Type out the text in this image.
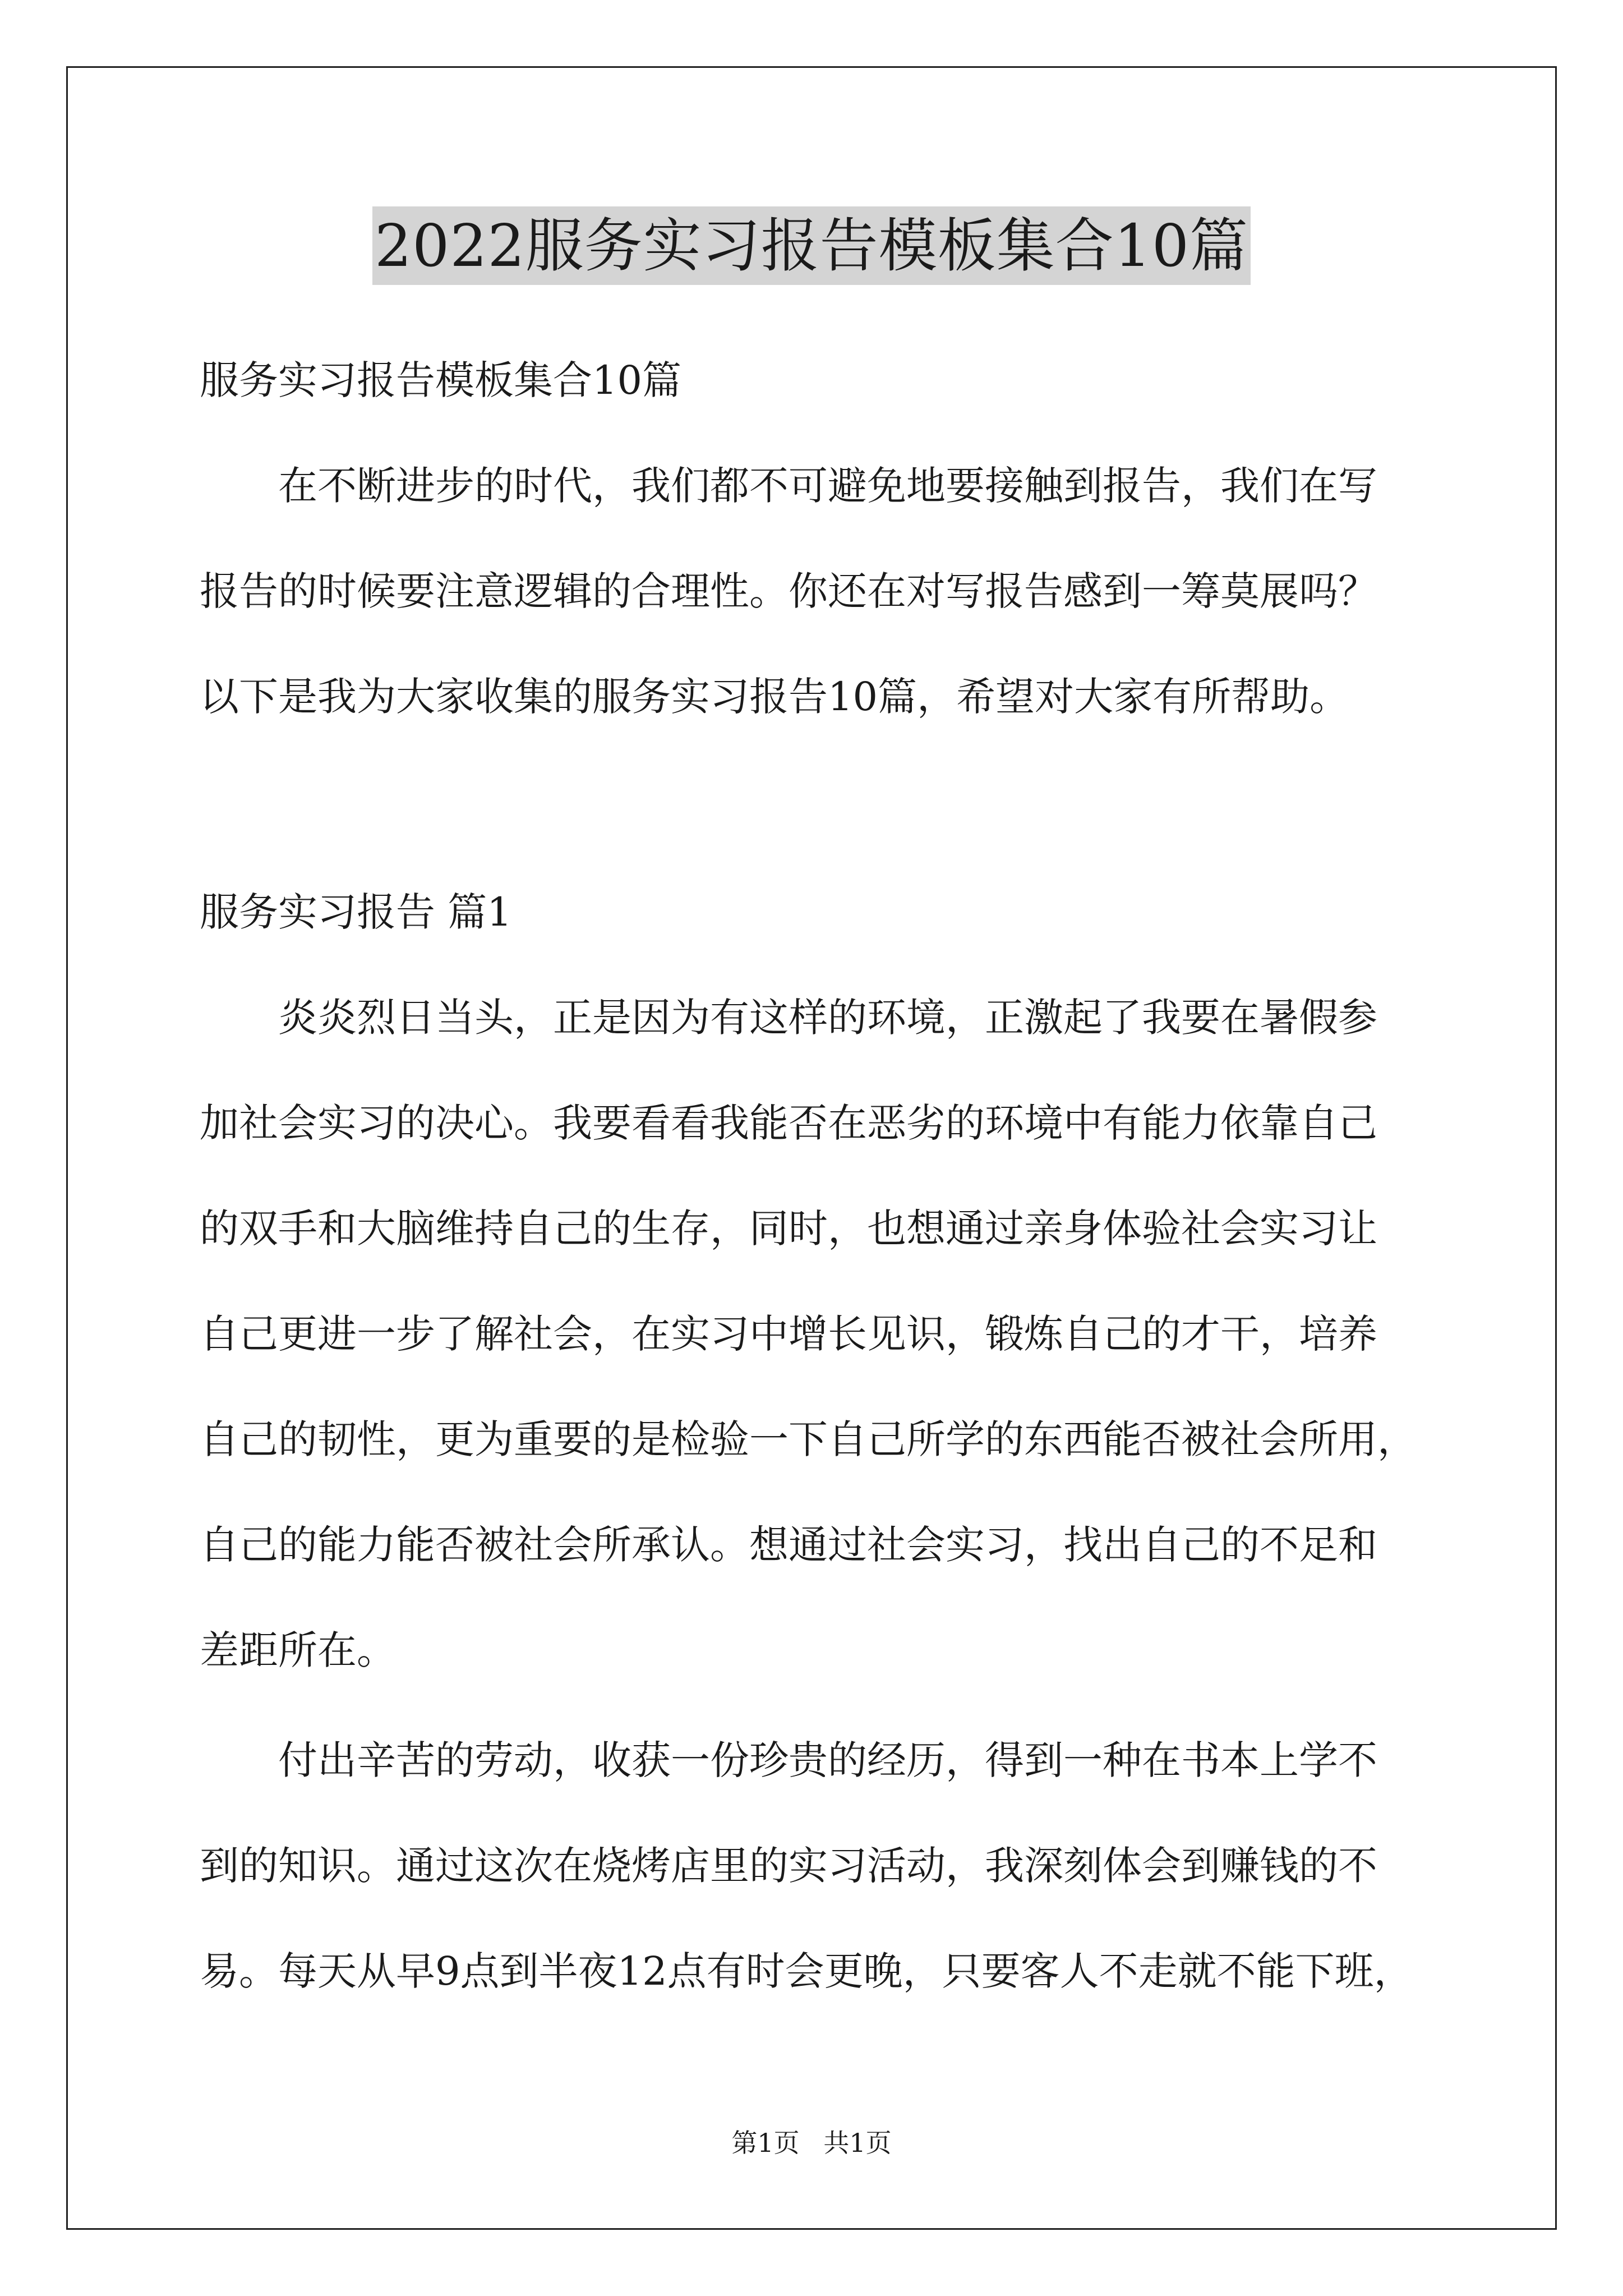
2022服务实习报告模板集合10篇
服务实习报告模板集合10篇
在不断进步的时代，我们都不可避免地要接触到报告，我们在写
报告的时候要注意逻辑的合理性。你还在对写报告感到一筹莫展吗？
以下是我为大家收集的服务实习报告10篇，希望对大家有所帮助。
服务实习报告 篇1
炎炎烈日当头，正是因为有这样的环境，正激起了我要在暑假参
加社会实习的决心。我要看看我能否在恶劣的环境中有能力依靠自己
的双手和大脑维持自己的生存，同时，也想通过亲身体验社会实习让
自己更进一步了解社会，在实习中增长见识，锻炼自己的才干，培养
自己的韧性，更为重要的是检验一下自己所学的东西能否被社会所用，
自己的能力能否被社会所承认。想通过社会实习，找出自己的不足和
差距所在。
付出辛苦的劳动，收获一份珍贵的经历，得到一种在书本上学不
到的知识。通过这次在烧烤店里的实习活动，我深刻体会到赚钱的不
易。每天从早9点到半夜12点有时会更晚，只要客人不走就不能下班，
第1页 共1页
